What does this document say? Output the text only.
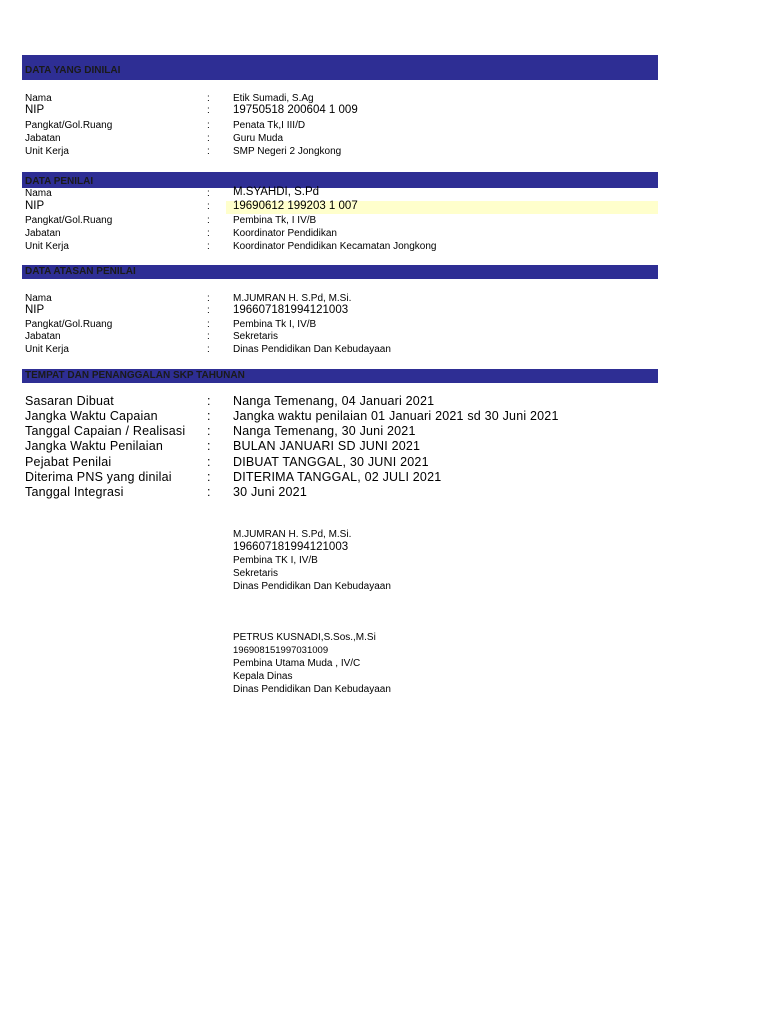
DATA YANG DINILAI
Nama	: Etik Sumadi, S.Ag
NIP	: 19750518 200604 1 009
Pangkat/Gol.Ruang	: Penata Tk,I III/D
Jabatan	: Guru Muda
Unit Kerja	: SMP Negeri 2 Jongkong
DATA PENILAI
Nama	: M.SYAHDI, S.Pd
NIP	: 19690612 199203 1 007
Pangkat/Gol.Ruang	: Pembina Tk, I IV/B
Jabatan	: Koordinator Pendidikan
Unit Kerja	: Koordinator Pendidikan Kecamatan Jongkong
DATA ATASAN PENILAI
Nama	: M.JUMRAN H. S.Pd, M.Si.
NIP	: 196607181994121003
Pangkat/Gol.Ruang	: Pembina Tk I, IV/B
Jabatan	: Sekretaris
Unit Kerja	: Dinas Pendidikan Dan Kebudayaan
TEMPAT DAN PENANGGALAN SKP TAHUNAN
Sasaran Dibuat	: Nanga Temenang, 04 Januari 2021
Jangka Waktu Capaian	: Jangka waktu penilaian 01 Januari 2021 sd 30 Juni 2021
Tanggal Capaian / Realisasi : Nanga Temenang, 30 Juni 2021
Jangka Waktu Penilaian	: BULAN JANUARI SD JUNI 2021
Pejabat Penilai	: DIBUAT TANGGAL, 30 JUNI 2021
Diterima PNS yang dinilai	: DITERIMA TANGGAL, 02 JULI 2021
Tanggal Integrasi	: 30 Juni 2021
M.JUMRAN H. S.Pd, M.Si.
196607181994121003
Pembina TK I, IV/B
Sekretaris
Dinas Pendidikan Dan Kebudayaan
PETRUS KUSNADI,S.Sos.,M.Si
196908151997031009
Pembina Utama Muda , IV/C
Kepala Dinas
Dinas Pendidikan Dan Kebudayaan
